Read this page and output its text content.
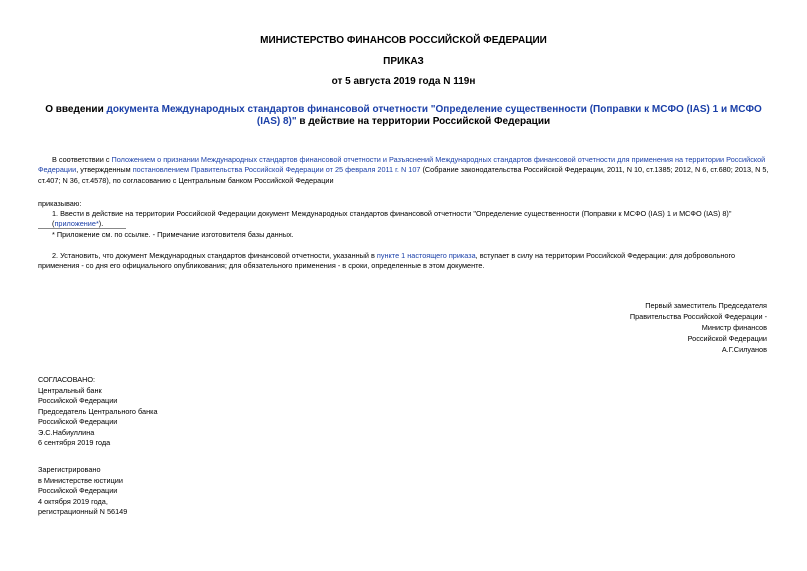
МИНИСТЕРСТВО ФИНАНСОВ РОССИЙСКОЙ ФЕДЕРАЦИИ
ПРИКАЗ
от 5 августа 2019 года N 119н
О введении документа Международных стандартов финансовой отчетности "Определение существенности (Поправки к МСФО (IAS) 1 и МСФО (IAS) 8)" в действие на территории Российской Федерации
В соответствии с Положением о признании Международных стандартов финансовой отчетности и Разъяснений Международных стандартов финансовой отчетности для применения на территории Российской Федерации, утвержденным постановлением Правительства Российской Федерации от 25 февраля 2011 г. N 107 (Собрание законодательства Российской Федерации, 2011, N 10, ст.1385; 2012, N 6, ст.680; 2013, N 5, ст.407; N 36, ст.4578), по согласованию с Центральным банком Российской Федерации
приказываю:
1. Ввести в действие на территории Российской Федерации документ Международных стандартов финансовой отчетности "Определение существенности (Поправки к МСФО (IAS) 1 и МСФО (IAS) 8)" (приложение*).
* Приложение см. по ссылке. - Примечание изготовителя базы данных.
2. Установить, что документ Международных стандартов финансовой отчетности, указанный в пункте 1 настоящего приказа, вступает в силу на территории Российской Федерации: для добровольного применения - со дня его официального опубликования; для обязательного применения - в сроки, определенные в этом документе.
Первый заместитель Председателя
Правительства Российской Федерации -
Министр финансов
Российской Федерации
А.Г.Силуанов
СОГЛАСОВАНО:
Центральный банк
Российской Федерации
Председатель Центрального банка
Российской Федерации
Э.С.Набиуллина
6 сентября 2019 года
Зарегистрировано
в Министерстве юстиции
Российской Федерации
4 октября 2019 года,
регистрационный N 56149
